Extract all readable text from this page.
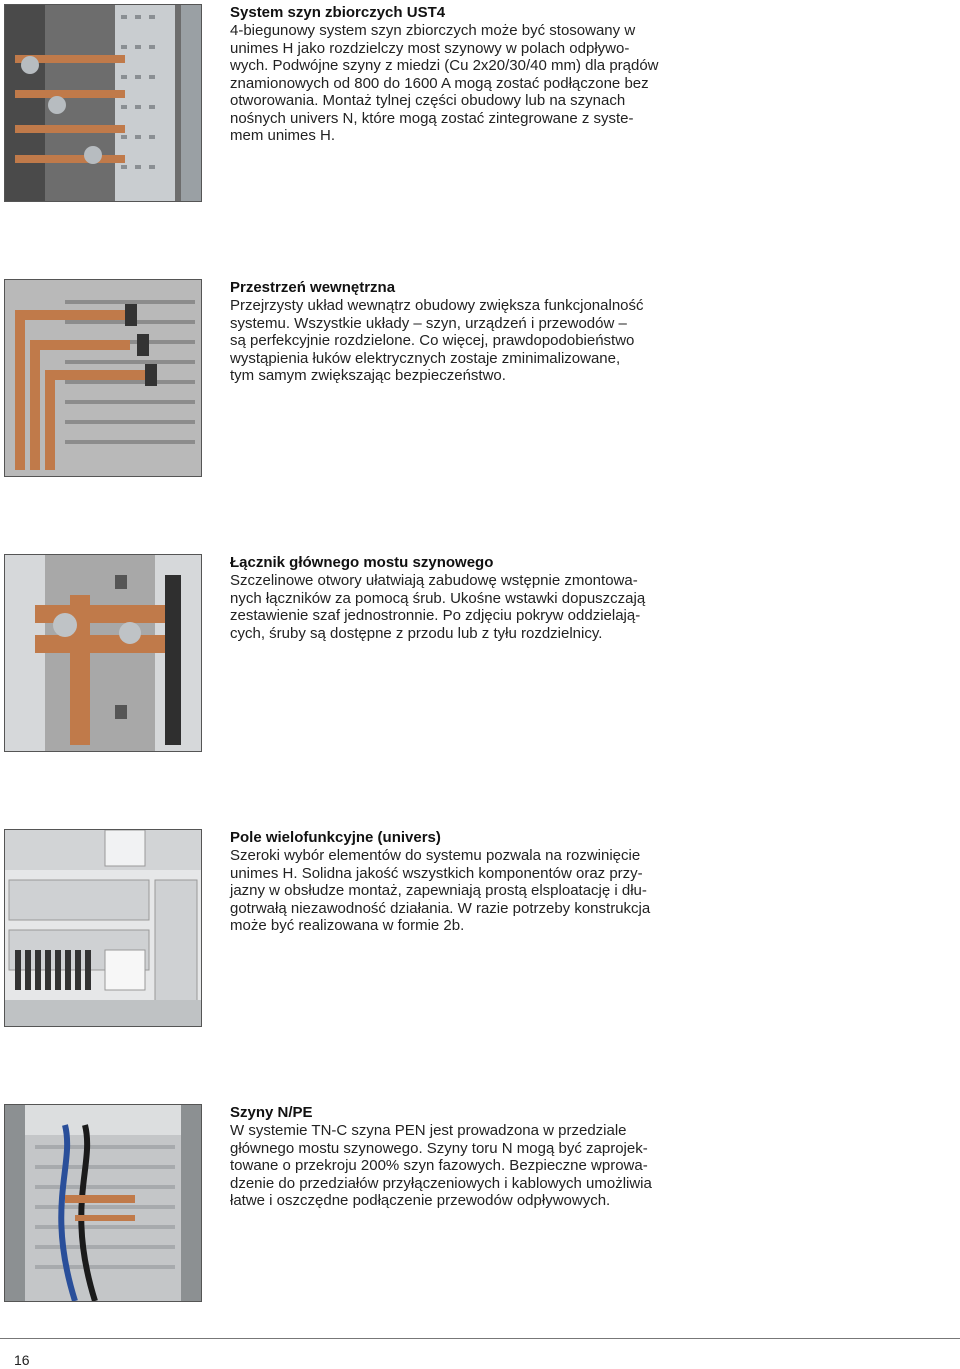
System szyn zbiorczych UST4

4-biegunowy system szyn zbiorczych może być stosowany w
unimes H jako rozdzielczy most szynowy w polach odpływo-
wych. Podwójne szyny z miedzi (Cu 2x20/30/40 mm) dla prądów
znamionowych od 800 do 1600 A mogą zostać podłączone bez
otworowania. Montaż tylnej części obudowy lub na szynach
nośnych univers N, które mogą zostać zintegrowane z syste-
mem unimes H.

Przestrzeń wewnętrzna

Przejrzysty układ wewnątrz obudowy zwiększa funkcjonalność
systemu. Wszystkie układy – szyn, urządzeń i przewodów –
są perfekcyjnie rozdzielone. Co więcej, prawdopodobieństwo
wystąpienia łuków elektrycznych zostaje zminimalizowane,
tym samym zwiększając bezpieczeństwo.

Łącznik głównego mostu szynowego

Szczelinowe otwory ułatwiają zabudowę wstępnie zmontowa-
nych łączników za pomocą śrub. Ukośne wstawki dopuszczają
zestawienie szaf jednostronnie. Po zdjęciu pokryw oddzielają-
cych, śruby są dostępne z przodu lub z tyłu rozdzielnicy.

Pole wielofunkcyjne (univers)

Szeroki wybór elementów do systemu pozwala na rozwinięcie
unimes H. Solidna jakość wszystkich komponentów oraz przy-
jazny w obsłudze montaż, zapewniają prostą elsploatację i dłu-
gotrwałą niezawodność działania. W razie potrzeby konstrukcja
może być realizowana w formie 2b.

Szyny N/PE

W systemie TN-C szyna PEN jest prowadzona w przedziale
głównego mostu szynowego. Szyny toru N mogą być zaprojek-
towane o przekroju 200% szyn fazowych. Bezpieczne wprowa-
dzenie do przedziałów przyłączeniowych i kablowych umożliwia
łatwe i oszczędne podłączenie przewodów odpływowych.

16
